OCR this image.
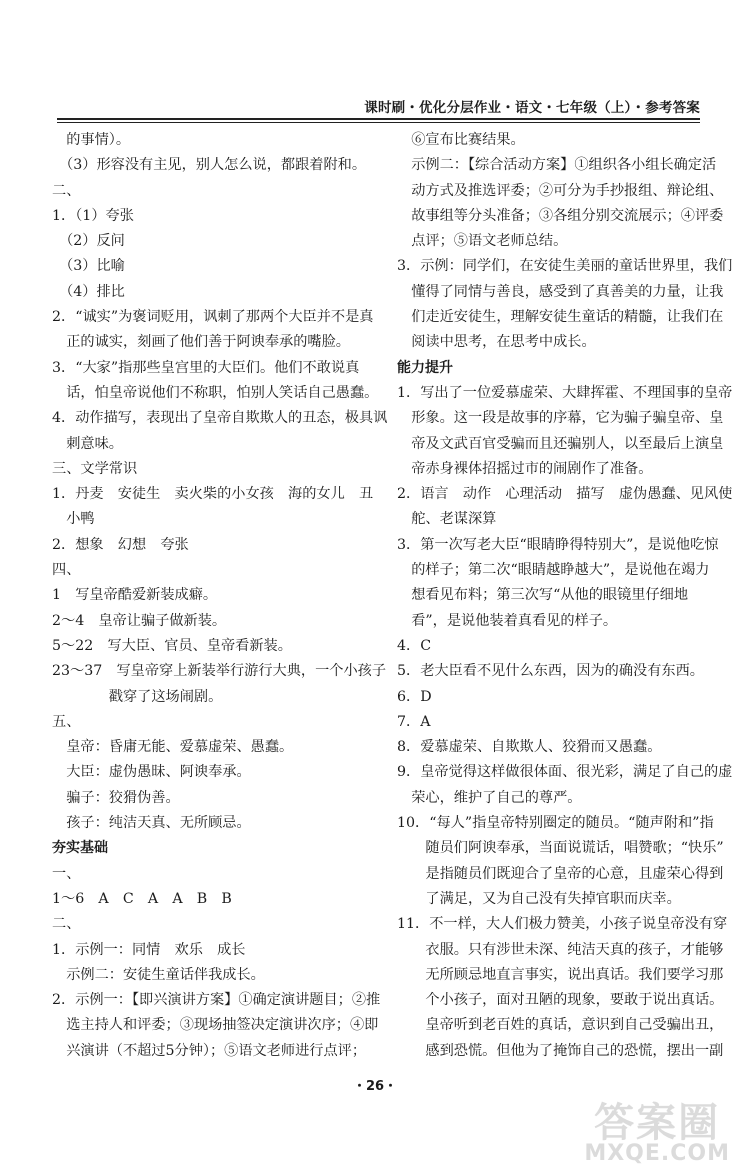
课时刷・优化分层作业・语文・七年级（上）・参考答案

　的事情）。

　（3）形容没有主见，别人怎么说，都跟着附和。

二、

1．（1）夸张

　（2）反问

　（3）比喻

　（4）排比

2．“诚实”为褒词贬用，讽刺了那两个大臣并不是真

　正的诚实，刻画了他们善于阿谀奉承的嘴脸。

3．“大家”指那些皇宫里的大臣们。他们不敢说真

　话，怕皇帝说他们不称职，怕别人笑话自己愚蠢。

4．动作描写，表现出了皇帝自欺欺人的丑态，极具讽

　刺意味。

三、文学常识

1．丹麦　安徒生　卖火柴的小女孩　海的女儿　丑

　小鸭

2．想象　幻想　夸张

四、

1　写皇帝酷爱新装成癖。

2～4　皇帝让骗子做新装。

5～22　写大臣、官员、皇帝看新装。

23～37　写皇帝穿上新装举行游行大典，一个小孩子

　　　　戳穿了这场闹剧。

五、

　皇帝：昏庸无能、爱慕虚荣、愚蠢。

　大臣：虚伪愚昧、阿谀奉承。

　骗子：狡猾伪善。

　孩子：纯洁天真、无所顾忌。

夯实基础

一、

1～6　A　C　A　A　B　B

二、

1．示例一：同情　欢乐　成长

　示例二：安徒生童话伴我成长。

2．示例一：【即兴演讲方案】①确定演讲题目；②推

　选主持人和评委；③现场抽签决定演讲次序；④即

　兴演讲（不超过5分钟）；⑤语文老师进行点评；

　⑥宣布比赛结果。

　示例二：【综合活动方案】①组织各小组长确定活

　动方式及推选评委；②可分为手抄报组、辩论组、

　故事组等分头准备；③各组分别交流展示；④评委

　点评；⑤语文老师总结。

3．示例：同学们，在安徒生美丽的童话世界里，我们

　懂得了同情与善良，感受到了真善美的力量，让我

　们走近安徒生，理解安徒生童话的精髓，让我们在

　阅读中思考，在思考中成长。

能力提升

1．写出了一位爱慕虚荣、大肆挥霍、不理国事的皇帝

　形象。这一段是故事的序幕，它为骗子骗皇帝、皇

　帝及文武百官受骗而且还骗别人，以至最后上演皇

　帝赤身裸体招摇过市的闹剧作了准备。

2．语言　动作　心理活动　描写　虚伪愚蠢、见风使

　舵、老谋深算

3．第一次写老大臣“眼睛睁得特别大”，是说他吃惊

　的样子；第二次“眼睛越睁越大”，是说他在竭力

　想看见布料；第三次写“从他的眼镜里仔细地

　看”，是说他装着真看见的样子。

4．C

5．老大臣看不见什么东西，因为的确没有东西。

6．D

7．A

8．爱慕虚荣、自欺欺人、狡猾而又愚蠢。

9．皇帝觉得这样做很体面、很光彩，满足了自己的虚

　荣心，维护了自己的尊严。

10．“每人”指皇帝特别圈定的随员。“随声附和”指

　　随员们阿谀奉承，当面说谎话，唱赞歌；“快乐”

　　是指随员们既迎合了皇帝的心意，且虚荣心得到

　　了满足，又为自己没有失掉官职而庆幸。

11．不一样，大人们极力赞美，小孩子说皇帝没有穿

　　衣服。只有涉世未深、纯洁天真的孩子，才能够

　　无所顾忌地直言事实，说出真话。我们要学习那

　　个小孩子，面对丑陋的现象，要敢于说出真话。

　　皇帝听到老百姓的真话，意识到自己受骗出丑，

　　感到恐慌。但他为了掩饰自己的恐慌，摆出一副

・26・
答案圈
MXQE.COM
